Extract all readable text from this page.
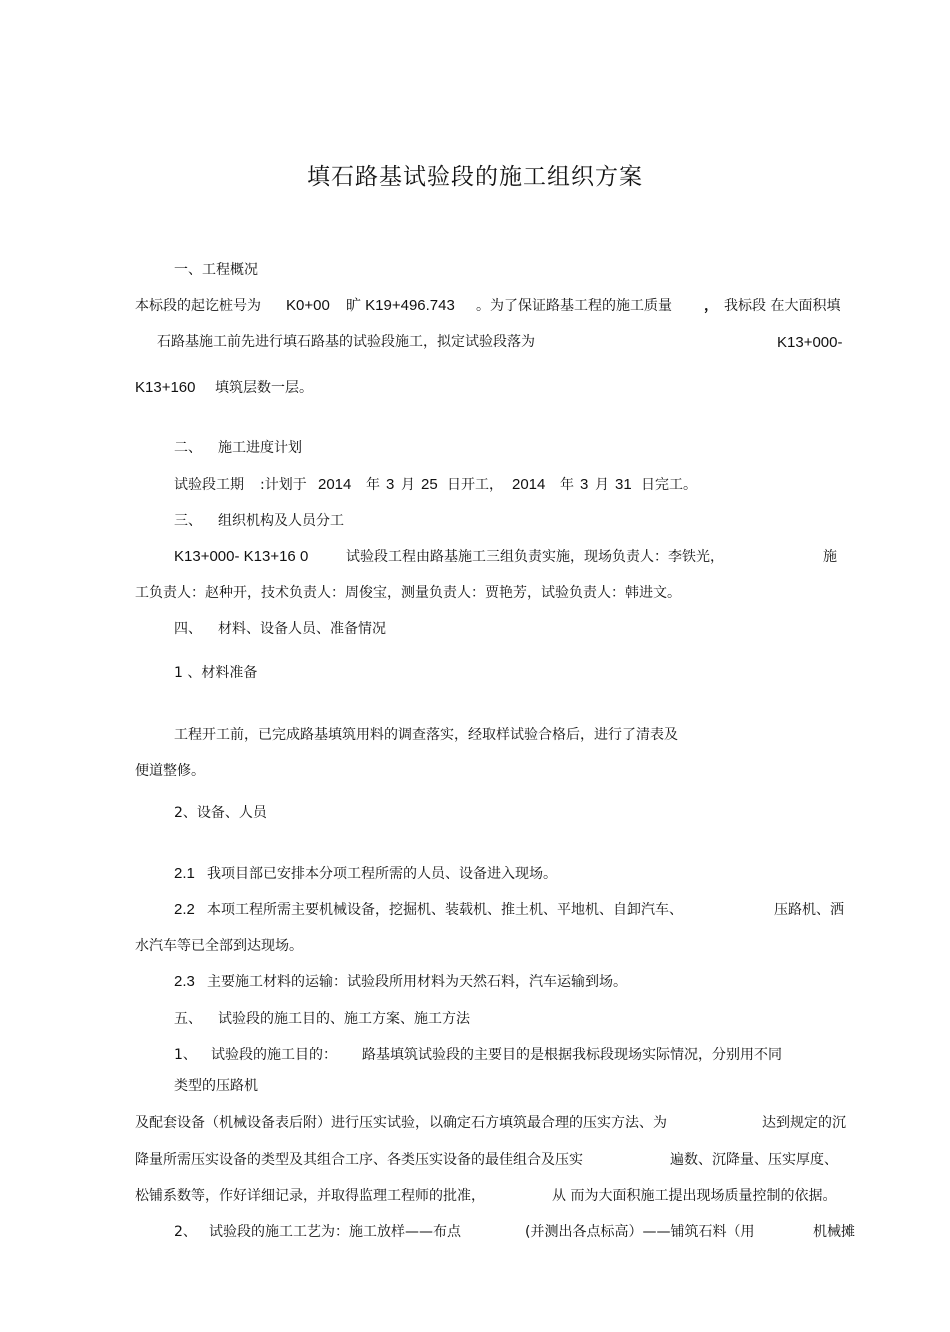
填石路基试验段的施工组织方案
一、工程概况
本标段的起讫桩号为 K0+00 旷 K19+496.743 。为了保证路基工程的施工质量 ， 我标段 在大面积填
石路基施工前先进行填石路基的试验段施工，拟定试验段落为	K13+000-
K13+160 填筑层数一层。
二、 施工进度计划
试验段工期 :计划于 2014 年 3 月 25 日开工， 2014 年 3 月 31 日完工。
三、 组织机构及人员分工
K13+000- K13+16 0	试验段工程由路基施工三组负责实施，现场负责人：李铁光，	施
工负责人：赵种开，技术负责人：周俊宝，测量负责人：贾艳芳，试验负责人：韩进文。
四、 材料、设备人员、准备情况
1 、材料准备
工程开工前，已完成路基填筑用料的调查落实，经取样试验合格后，进行了清表及
便道整修。
2、设备、人员
2.1 我项目部已安排本分项工程所需的人员、设备进入现场。
2.2 本项工程所需主要机械设备，挖掘机、装载机、推土机、平地机、自卸汽车、	压路机、洒
水汽车等已全部到达现场。
2.3 主要施工材料的运输：试验段所用材料为天然石料，汽车运输到场。
五、 试验段的施工目的、施工方案、施工方法
1、 试验段的施工目的： 路基填筑试验段的主要目的是根据我标段现场实际情况，分别用不同
类型的压路机
及配套设备（机械设备表后附）进行压实试验，以确定石方填筑最合理的压实方法、为	达到规定的沉
降量所需压实设备的类型及其组合工序、各类压实设备的最佳组合及压实	遍数、沉降量、压实厚度、
松铺系数等，作好详细记录，并取得监理工程师的批准，	从 而为大面积施工提出现场质量控制的依据。
2、 试验段的施工工艺为：施工放样——布点	(并测出各点标高）——铺筑石料（用	机械摊
